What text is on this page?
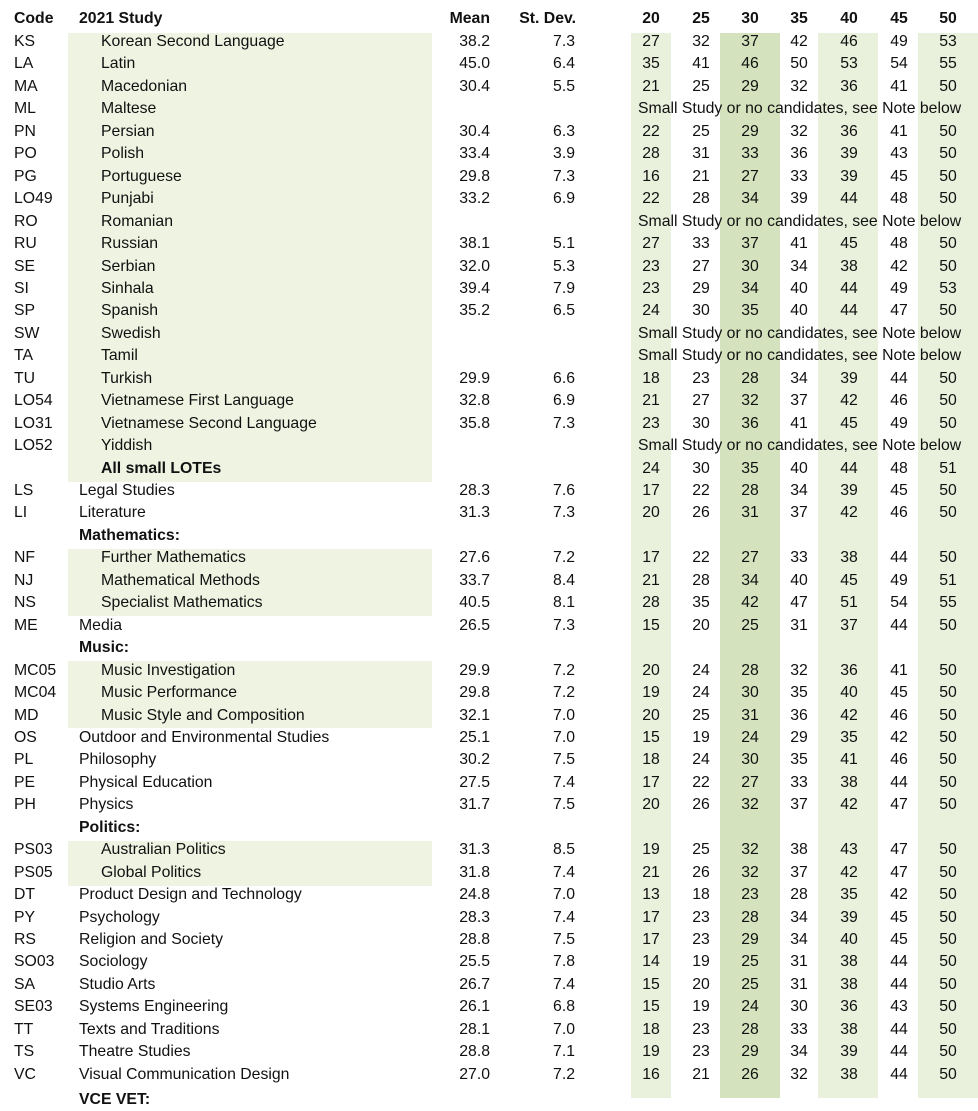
Code 2021 Study	Mean	St. Dev.	20	25	30	35	40	45	50
KS	Korean Second Language	38.2	7.3	27	32	37	42	46	49	53
LA	Latin	45.0	6.4	35	41	46	50	53	54	55
MA	Macedonian	30.4	5.5	21	25	29	32	36	41	50
ML	Maltese	Small Study or no candidates, see Note below
PN	Persian	30.4	6.3	22	25	29	32	36	41	50
PO	Polish	33.4	3.9	28	31	33	36	39	43	50
PG	Portuguese	29.8	7.3	16	21	27	33	39	45	50
LO49	Punjabi	33.2	6.9	22	28	34	39	44	48	50
RO	Romanian	Small Study or no candidates, see Note below
RU	Russian	38.1	5.1	27	33	37	41	45	48	50
SE	Serbian	32.0	5.3	23	27	30	34	38	42	50
SI	Sinhala	39.4	7.9	23	29	34	40	44	49	53
SP	Spanish	35.2	6.5	24	30	35	40	44	47	50
SW	Swedish	Small Study or no candidates, see Note below
TA	Tamil	Small Study or no candidates, see Note below
TU	Turkish	29.9	6.6	18	23	28	34	39	44	50
LO54	Vietnamese First Language	32.8	6.9	21	27	32	37	42	46	50
LO31	Vietnamese Second Language	35.8	7.3	23	30	36	41	45	49	50
LO52	Yiddish	Small Study or no candidates, see Note below
All small LOTEs	24	30	35	40	44	48	51
LS	Legal Studies	28.3	7.6	17	22	28	34	39	45	50
LI	Literature	31.3	7.3	20	26	31	37	42	46	50
Mathematics:
NF	Further Mathematics	27.6	7.2	17	22	27	33	38	44	50
NJ	Mathematical Methods	33.7	8.4	21	28	34	40	45	49	51
NS	Specialist Mathematics	40.5	8.1	28	35	42	47	51	54	55
ME	Media	26.5	7.3	15	20	25	31	37	44	50
Music:
MC05	Music Investigation	29.9	7.2	20	24	28	32	36	41	50
MC04	Music Performance	29.8	7.2	19	24	30	35	40	45	50
MD	Music Style and Composition	32.1	7.0	20	25	31	36	42	46	50
OS	Outdoor and Environmental Studies	25.1	7.0	15	19	24	29	35	42	50
PL	Philosophy	30.2	7.5	18	24	30	35	41	46	50
PE	Physical Education	27.5	7.4	17	22	27	33	38	44	50
PH	Physics	31.7	7.5	20	26	32	37	42	47	50
Politics:
PS03	Australian Politics	31.3	8.5	19	25	32	38	43	47	50
PS05	Global Politics	31.8	7.4	21	26	32	37	42	47	50
DT	Product Design and Technology	24.8	7.0	13	18	23	28	35	42	50
PY	Psychology	28.3	7.4	17	23	28	34	39	45	50
RS	Religion and Society	28.8	7.5	17	23	29	34	40	45	50
SO03 Sociology	25.5	7.8	14	19	25	31	38	44	50
SA	Studio Arts	26.7	7.4	15	20	25	31	38	44	50
SE03 Systems Engineering	26.1	6.8	15	19	24	30	36	43	50
TT	Texts and Traditions	28.1	7.0	18	23	28	33	38	44	50
TS	Theatre Studies	28.8	7.1	19	23	29	34	39	44	50
VC	Visual Communication Design	27.0	7.2	16	21	26	32	38	44	50
VCE VET:
